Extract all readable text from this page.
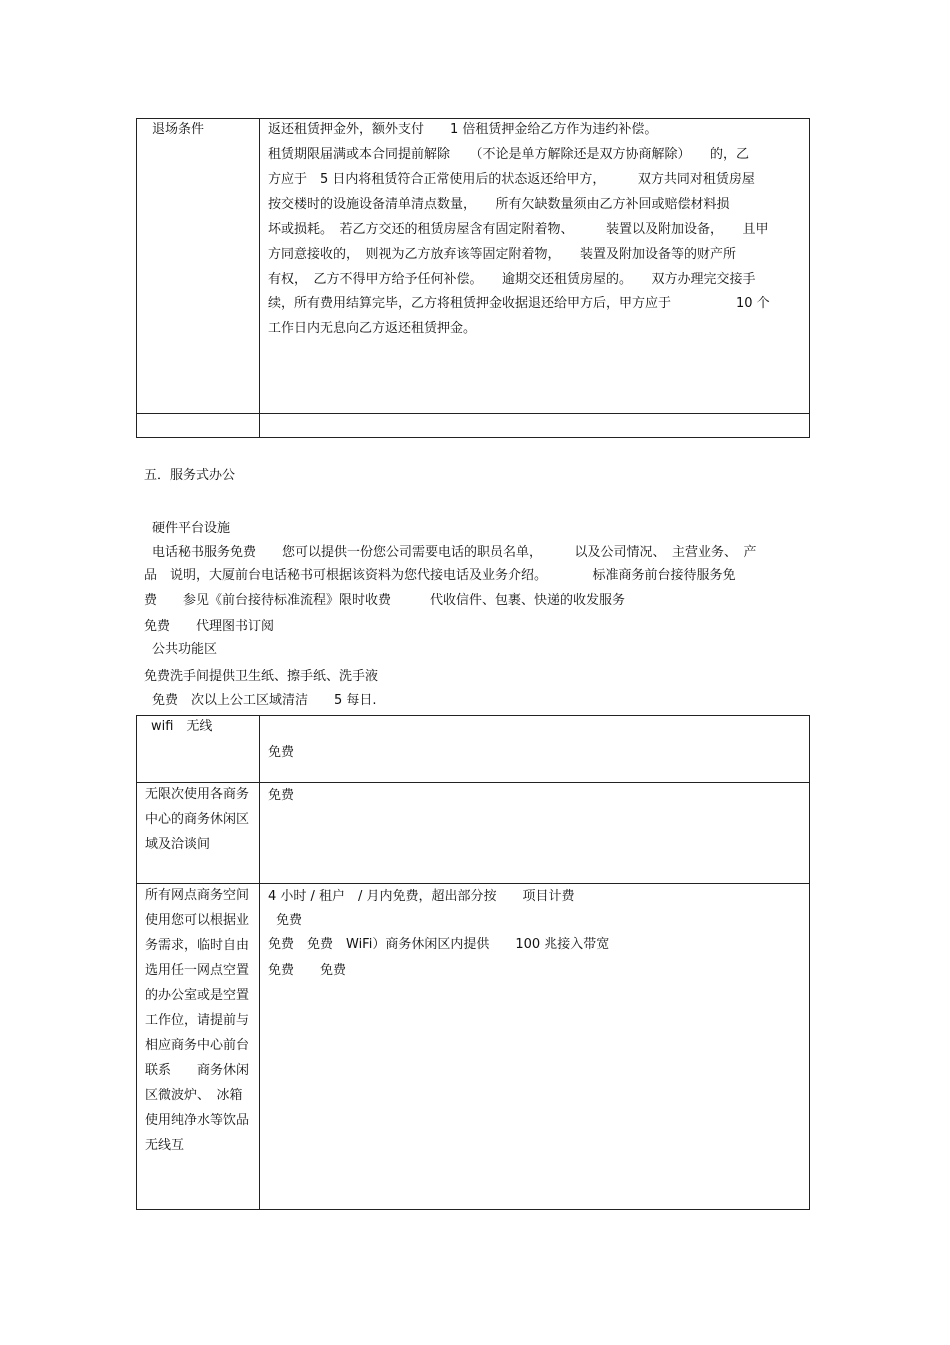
退场条件	返还租赁押金外，额外支付　　1 倍租赁押金给乙方作为违约补偿。
租赁期限届满或本合同提前解除　　（不论是单方解除还是双方协商解除）　　的，乙
方应于　5 日内将租赁符合正常使用后的状态返还给甲方，　　　双方共同对租赁房屋
按交楼时的设施设备清单清点数量，　　所有欠缺数量须由乙方补回或赔偿材料损
坏或损耗。　若乙方交还的租赁房屋含有固定附着物、　　　装置以及附加设备，　　且甲
方同意接收的，　则视为乙方放弃该等固定附着物，　　装置及附加设备等的财产所
有权，　乙方不得甲方给予任何补偿。　　逾期交还租赁房屋的。　　双方办理完交接手
续，所有费用结算完毕，乙方将租赁押金收据退还给甲方后，甲方应于　　　　　10 个
工作日内无息向乙方返还租赁押金。
五．服务式办公
硬件平台设施
电话秘书服务免费　　您可以提供一份您公司需要电话的职员名单，　　　以及公司情况、　主营业务、　产
品　说明，大厦前台电话秘书可根据该资料为您代接电话及业务介绍。　　　　标准商务前台接待服务免
费　　参见《前台接待标准流程》限时收费　　　代收信件、包裹、快递的收发服务
免费　　代理图书订阅
公共功能区
免费洗手间提供卫生纸、擦手纸、洗手液
免费　次以上公工区域清洁　　5 每日.
wifi　无线
免费
无限次使用各商务中心的商务休闲区域及洽谈间
免费
所有网点商务空间使用您可以根据业务需求，临时自由选用任一网点空置的办公室或是空置工作位，请提前与相应商务中心前台联系　　商务休闲区微波炉、　冰箱使用纯净水等饮品　无线互
4 小时 / 租户　/ 月内免费，超出部分按　　项目计费
免费
免费　免费　WiFi）商务休闲区内提供　　100 兆接入带宽
免费　　免费
